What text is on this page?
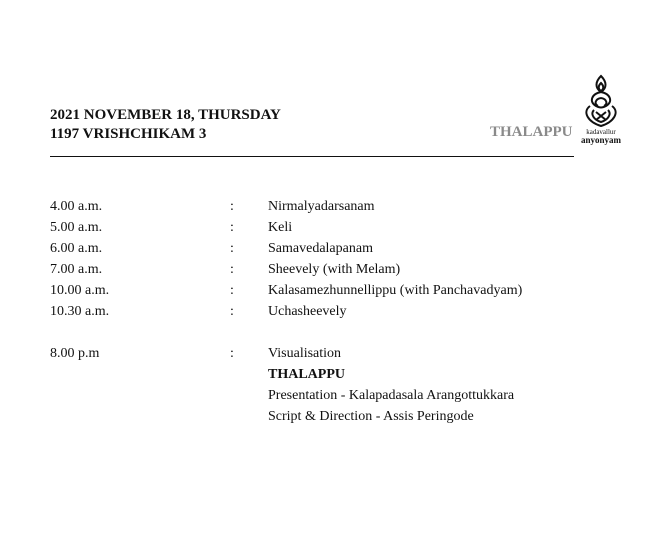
2021 NOVEMBER 18, THURSDAY
1197 VRISHCHIKAM 3	THALAPPU	kadavallur
anyonyam
4.00 a.m.	: Nirmalyadarsanam
5.00 a.m.	: Keli
6.00 a.m.	: Samavedalapanam
7.00 a.m.	: Sheevely (with Melam)
10.00 a.m.	: Kalasamezhunnellippu (with Panchavadyam)
10.30 a.m.	: Uchasheevely
8.00 p.m	: Visualisation
THALAPPU
Presentation - Kalapadasala Arangottukkara
Script & Direction - Assis Peringode
